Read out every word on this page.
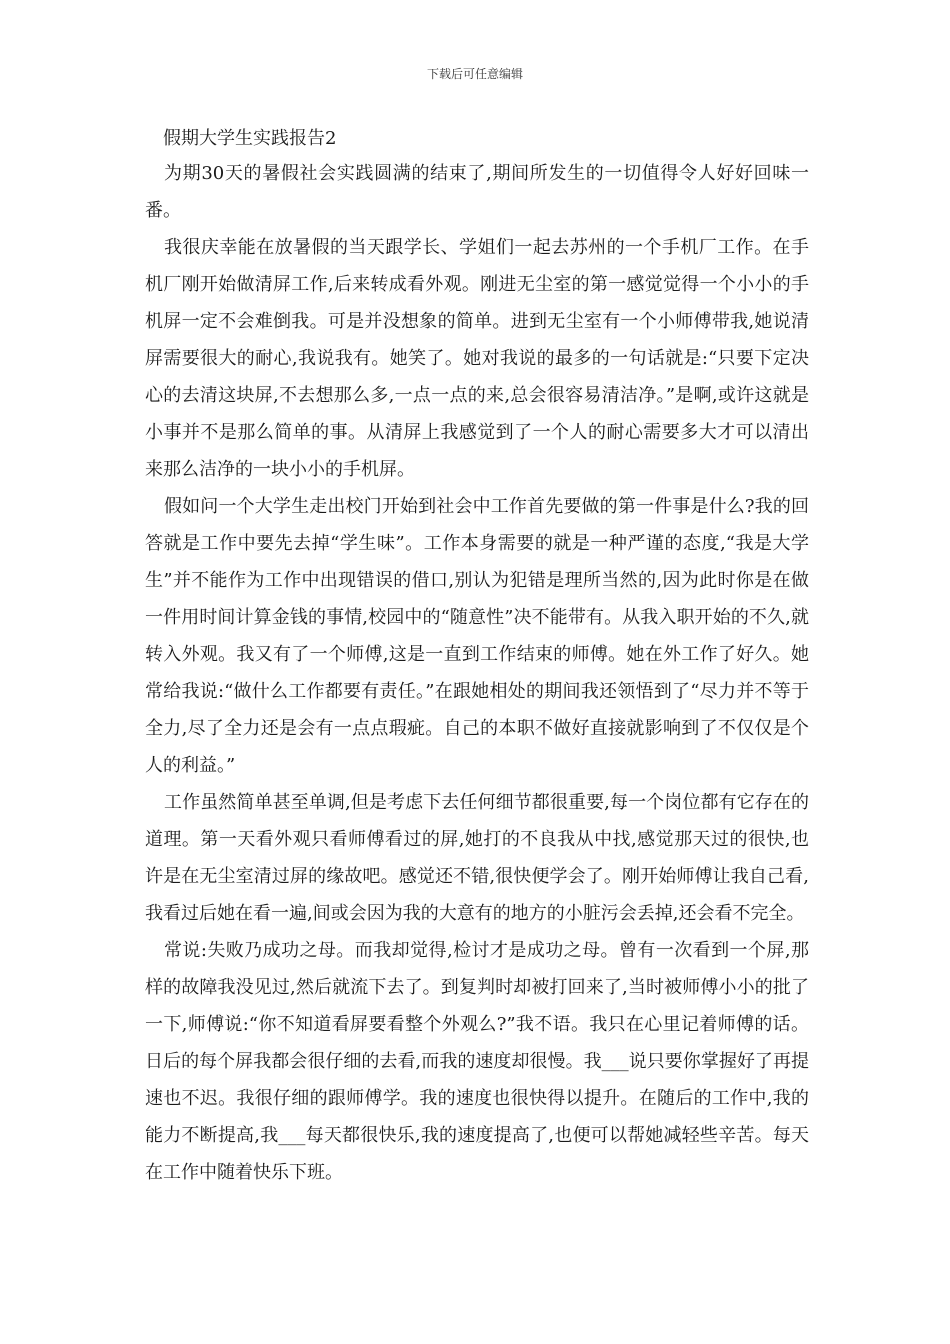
下载后可任意编辑
假期大学生实践报告2

为期30天的暑假社会实践圆满的结束了,期间所发生的一切值得令人好好回味一番。

我很庆幸能在放暑假的当天跟学长、学姐们一起去苏州的一个手机厂工作。在手机厂刚开始做清屏工作,后来转成看外观。刚进无尘室的第一感觉觉得一个小小的手机屏一定不会难倒我。可是并没想象的简单。进到无尘室有一个小师傅带我,她说清屏需要很大的耐心,我说我有。她笑了。她对我说的最多的一句话就是:“只要下定决心的去清这块屏,不去想那么多,一点一点的来,总会很容易清洁净。”是啊,或许这就是小事并不是那么简单的事。从清屏上我感觉到了一个人的耐心需要多大才可以清出来那么洁净的一块小小的手机屏。

假如问一个大学生走出校门开始到社会中工作首先要做的第一件事是什么?我的回答就是工作中要先去掉“学生味”。工作本身需要的就是一种严谨的态度,“我是大学生”并不能作为工作中出现错误的借口,别认为犯错是理所当然的,因为此时你是在做一件用时间计算金钱的事情,校园中的“随意性”决不能带有。从我入职开始的不久,就转入外观。我又有了一个师傅,这是一直到工作结束的师傅。她在外工作了好久。她常给我说:“做什么工作都要有责任。”在跟她相处的期间我还领悟到了“尽力并不等于全力,尽了全力还是会有一点点瑕疵。自己的本职不做好直接就影响到了不仅仅是个人的利益。”

工作虽然简单甚至单调,但是考虑下去任何细节都很重要,每一个岗位都有它存在的道理。第一天看外观只看师傅看过的屏,她打的不良我从中找,感觉那天过的很快,也许是在无尘室清过屏的缘故吧。感觉还不错,很快便学会了。刚开始师傅让我自己看,我看过后她在看一遍,间或会因为我的大意有的地方的小脏污会丢掉,还会看不完全。

常说:失败乃成功之母。而我却觉得,检讨才是成功之母。曾有一次看到一个屏,那样的故障我没见过,然后就流下去了。到复判时却被打回来了,当时被师傅小小的批了一下,师傅说:“你不知道看屏要看整个外观么?”我不语。我只在心里记着师傅的话。日后的每个屏我都会很仔细的去看,而我的速度却很慢。我___说只要你掌握好了再提速也不迟。我很仔细的跟师傅学。我的速度也很快得以提升。在随后的工作中,我的能力不断提高,我___每天都很快乐,我的速度提高了,也便可以帮她减轻些辛苦。每天在工作中随着快乐下班。
